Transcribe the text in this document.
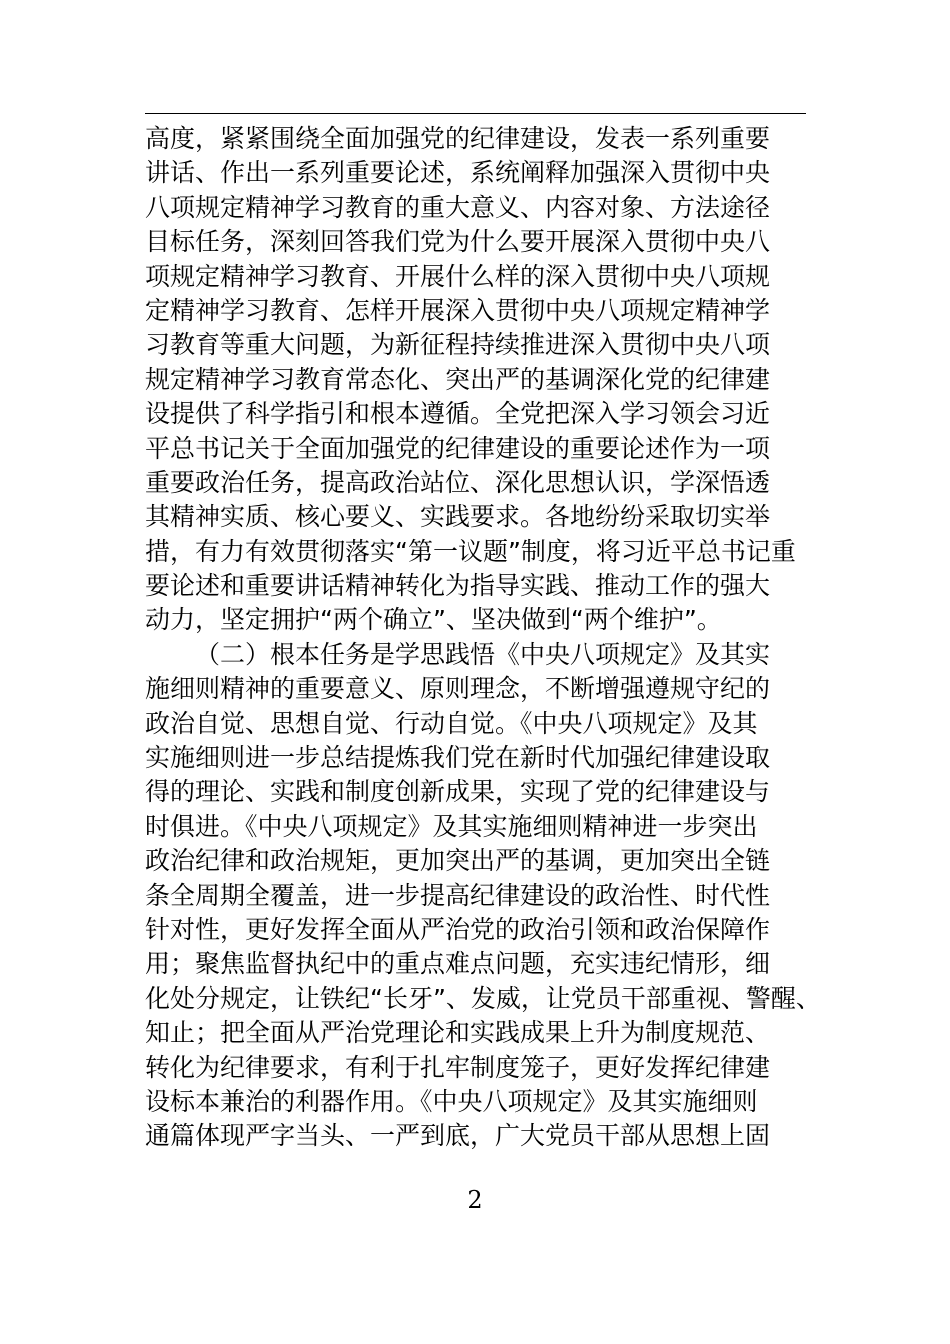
高度，紧紧围绕全面加强党的纪律建设，发表一系列重要
讲话、作出一系列重要论述，系统阐释加强深入贯彻中央
八项规定精神学习教育的重大意义、内容对象、方法途径
目标任务，深刻回答我们党为什么要开展深入贯彻中央八
项规定精神学习教育、开展什么样的深入贯彻中央八项规
定精神学习教育、怎样开展深入贯彻中央八项规定精神学
习教育等重大问题，为新征程持续推进深入贯彻中央八项
规定精神学习教育常态化、突出严的基调深化党的纪律建
设提供了科学指引和根本遵循。全党把深入学习领会习近
平总书记关于全面加强党的纪律建设的重要论述作为一项
重要政治任务，提高政治站位、深化思想认识，学深悟透
其精神实质、核心要义、实践要求。各地纷纷采取切实举
措，有力有效贯彻落实“第一议题”制度，将习近平总书记重
要论述和重要讲话精神转化为指导实践、推动工作的强大
动力，坚定拥护“两个确立”、坚决做到“两个维护”。
（二）根本任务是学思践悟《中央八项规定》及其实
施细则精神的重要意义、原则理念，不断增强遵规守纪的
政治自觉、思想自觉、行动自觉。《中央八项规定》及其
实施细则进一步总结提炼我们党在新时代加强纪律建设取
得的理论、实践和制度创新成果，实现了党的纪律建设与
时俱进。《中央八项规定》及其实施细则精神进一步突出
政治纪律和政治规矩，更加突出严的基调，更加突出全链
条全周期全覆盖，进一步提高纪律建设的政治性、时代性
针对性，更好发挥全面从严治党的政治引领和政治保障作
用；聚焦监督执纪中的重点难点问题，充实违纪情形，细
化处分规定，让铁纪“长牙”、发威，让党员干部重视、警醒、
知止；把全面从严治党理论和实践成果上升为制度规范、
转化为纪律要求，有利于扎牢制度笼子，更好发挥纪律建
设标本兼治的利器作用。《中央八项规定》及其实施细则
通篇体现严字当头、一严到底，广大党员干部从思想上固
2
